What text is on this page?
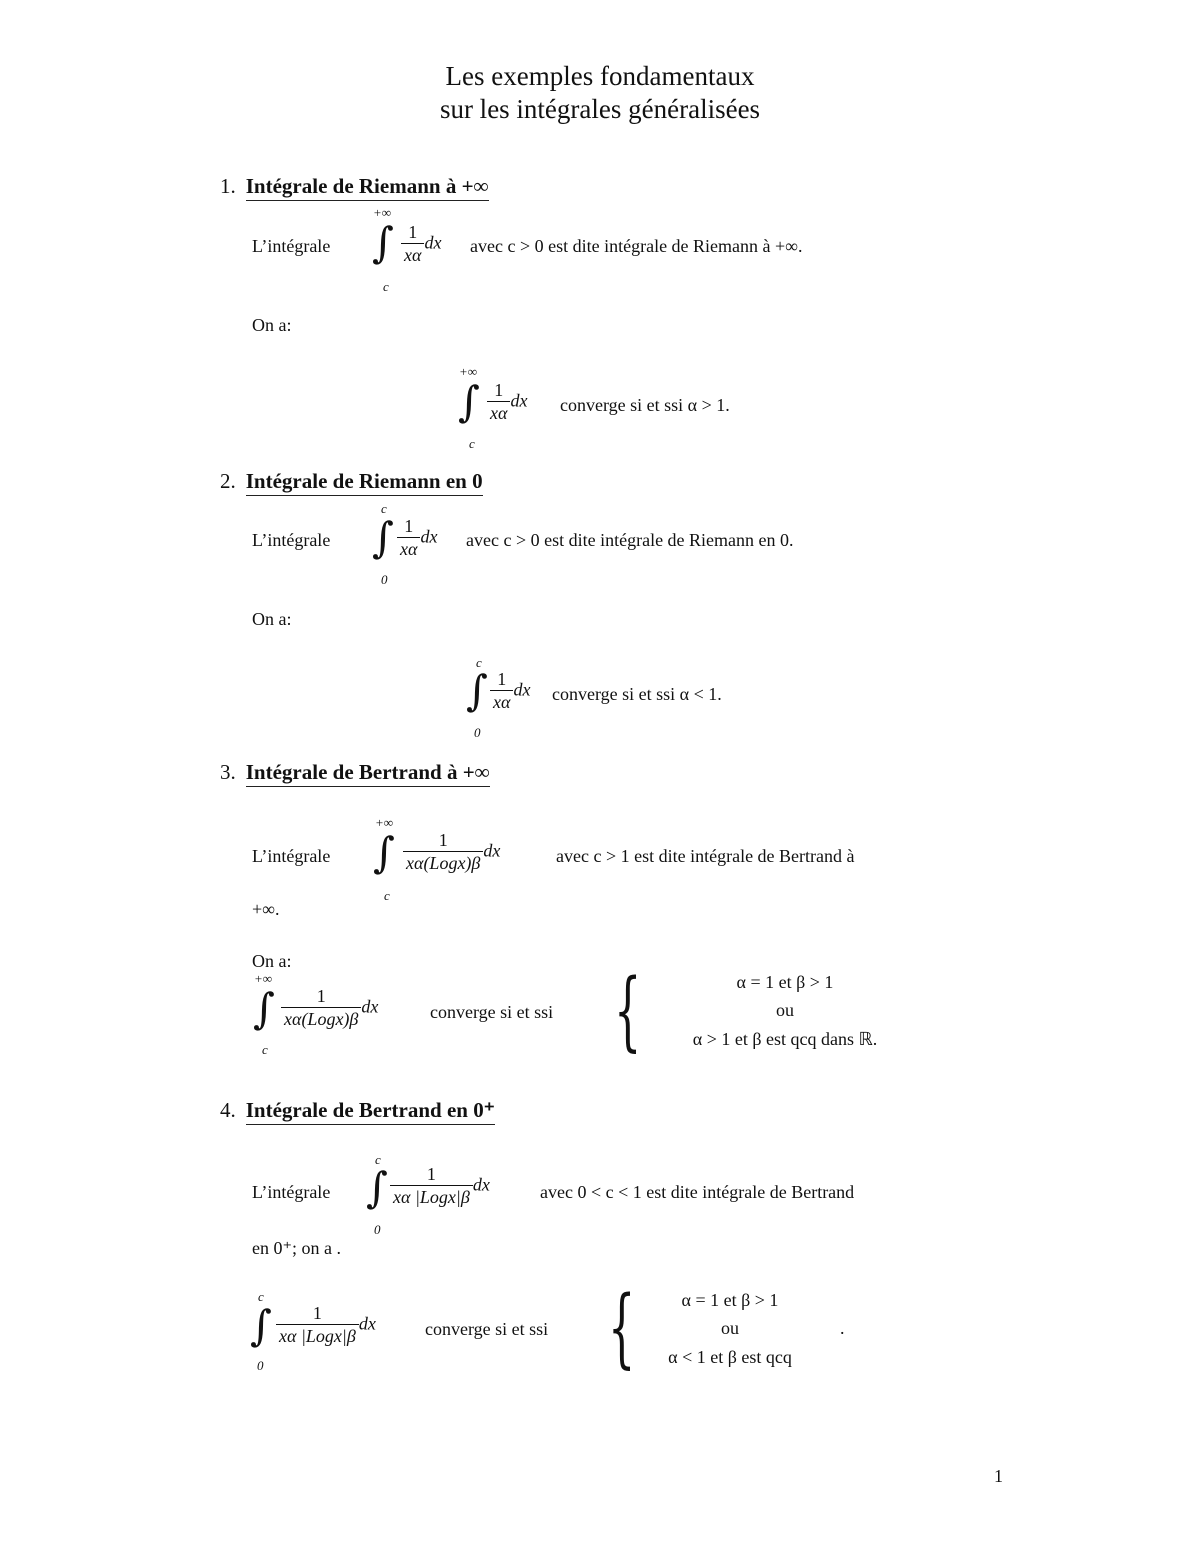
Les exemples fondamentaux
sur les intégrales généralisées
1. Intégrale de Riemann à +∞
L’intégrale
+∞
∫
c
$\frac{1}{x\alpha}$ dx avec c > 0 est dite intégrale de Riemann à +∞.
On a:
+∞
∫
c
$\frac{1}{x\alpha}$ dx converge si et ssi α > 1.
2. Intégrale de Riemann en 0
L’intégrale
c
∫
0
$\frac{1}{x\alpha}$ dx avec c > 0 est dite intégrale de Riemann en 0.
On a:
c
∫
0
$\frac{1}{x\alpha}$ dx converge si et ssi α < 1.
3. Intégrale de Bertrand à +∞
L’intégrale
+∞
∫
c
$\frac{1}{\text{xα(Logx)β}}$ dx	avec c > 1 est dite intégrale de Bertrand à
+∞.
On a:
+∞
∫
c
$\frac{1}{\text{xα(Logx)β}}$ dx	converge si et ssi {	α = 1 et β > 1
ou
α > 1 et β est qcq dans ℝ.
4. Intégrale de Bertrand en 0⁺
L’intégrale
c
∫
0
$\frac{1}{\text{xα |Logx|β}}$ dx	avec 0 < c < 1 est dite intégrale de Bertrand
en 0⁺; on a .
c
∫
0
$\frac{1}{\text{xα |Logx|β}}$ dx	converge si et ssi {	α = 1 et β > 1
ou
α < 1 et β est qcq
.
1
